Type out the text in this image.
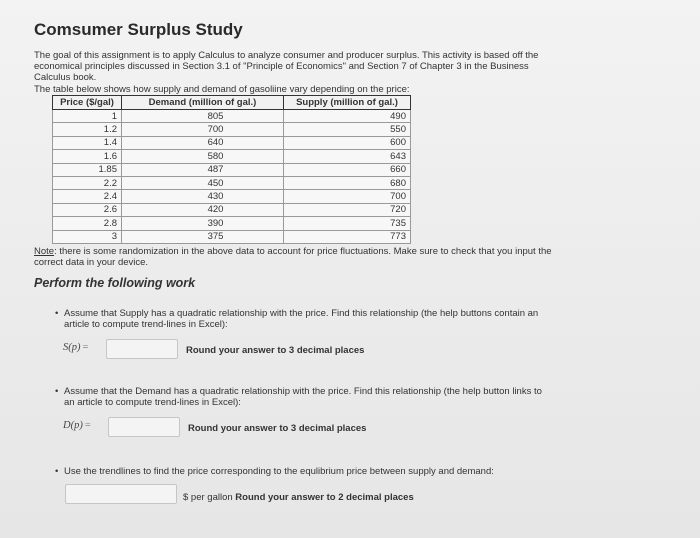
Comsumer Surplus Study
The goal of this assignment is to apply Calculus to analyze consumer and producer surplus. This activity is based off the economical principles discussed in Section 3.1 of "Principle of Economics" and Section 7 of Chapter 3 in the Business Calculus book.
The table below shows how supply and demand of gasoliine vary depending on the price:
Price ($/gal)	Demand (million of gal.)	Supply (million of gal.)
1	805	490
1.2	700	550
1.4	640	600
1.6	580	643
1.85	487	660
2.2	450	680
2.4	430	700
2.6	420	720
2.8	390	735
3	375	773
Note: there is some randomization in the above data to account for price fluctuations. Make sure to check that you input the correct data in your device.
Perform the following work
• Assume that Supply has a quadratic relationship with the price. Find this relationship (the help buttons contain an article to compute trend-lines in Excel):
S(p) =	Round your answer to 3 decimal places
• Assume that the Demand has a quadratic relationship with the price. Find this relationship (the help button links to an article to compute trend-lines in Excel):
D(p) =	Round your answer to 3 decimal places
• Use the trendlines to find the price corresponding to the equlibrium price between supply and demand:
$ per gallon Round your answer to 2 decimal places
